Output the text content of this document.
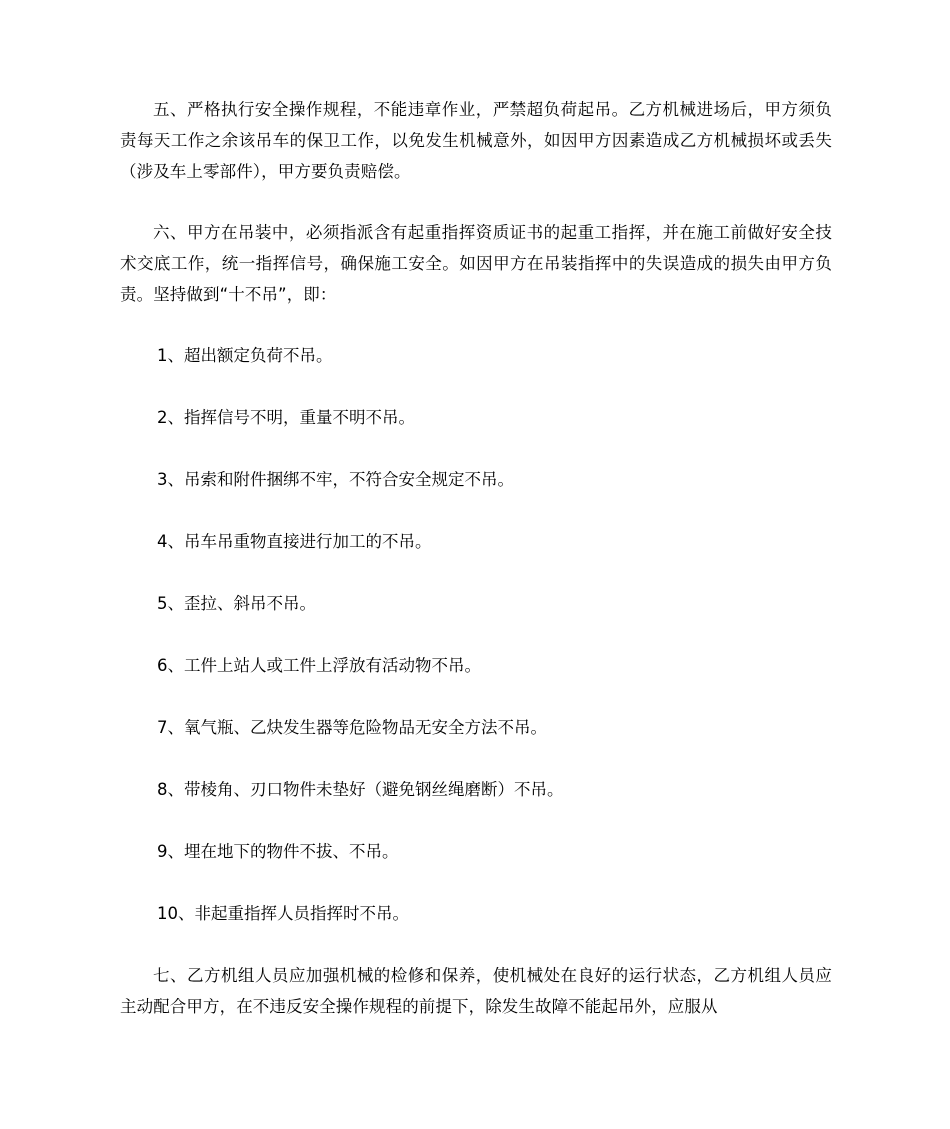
五、严格执行安全操作规程，不能违章作业，严禁超负荷起吊。乙方机械进场后，甲方须负责每天工作之余该吊车的保卫工作，以免发生机械意外，如因甲方因素造成乙方机械损坏或丢失（涉及车上零部件），甲方要负责赔偿。

六、甲方在吊装中，必须指派含有起重指挥资质证书的起重工指挥，并在施工前做好安全技术交底工作，统一指挥信号，确保施工安全。如因甲方在吊装指挥中的失误造成的损失由甲方负责。坚持做到“十不吊”，即：

1、超出额定负荷不吊。

2、指挥信号不明，重量不明不吊。

3、吊索和附件捆绑不牢，不符合安全规定不吊。

4、吊车吊重物直接进行加工的不吊。

5、歪拉、斜吊不吊。

6、工件上站人或工件上浮放有活动物不吊。

7、氧气瓶、乙炔发生器等危险物品无安全方法不吊。

8、带棱角、刃口物件未垫好（避免钢丝绳磨断）不吊。

9、埋在地下的物件不拔、不吊。

10、非起重指挥人员指挥时不吊。

七、乙方机组人员应加强机械的检修和保养，使机械处在良好的运行状态，乙方机组人员应主动配合甲方，在不违反安全操作规程的前提下，除发生故障不能起吊外，应服从
